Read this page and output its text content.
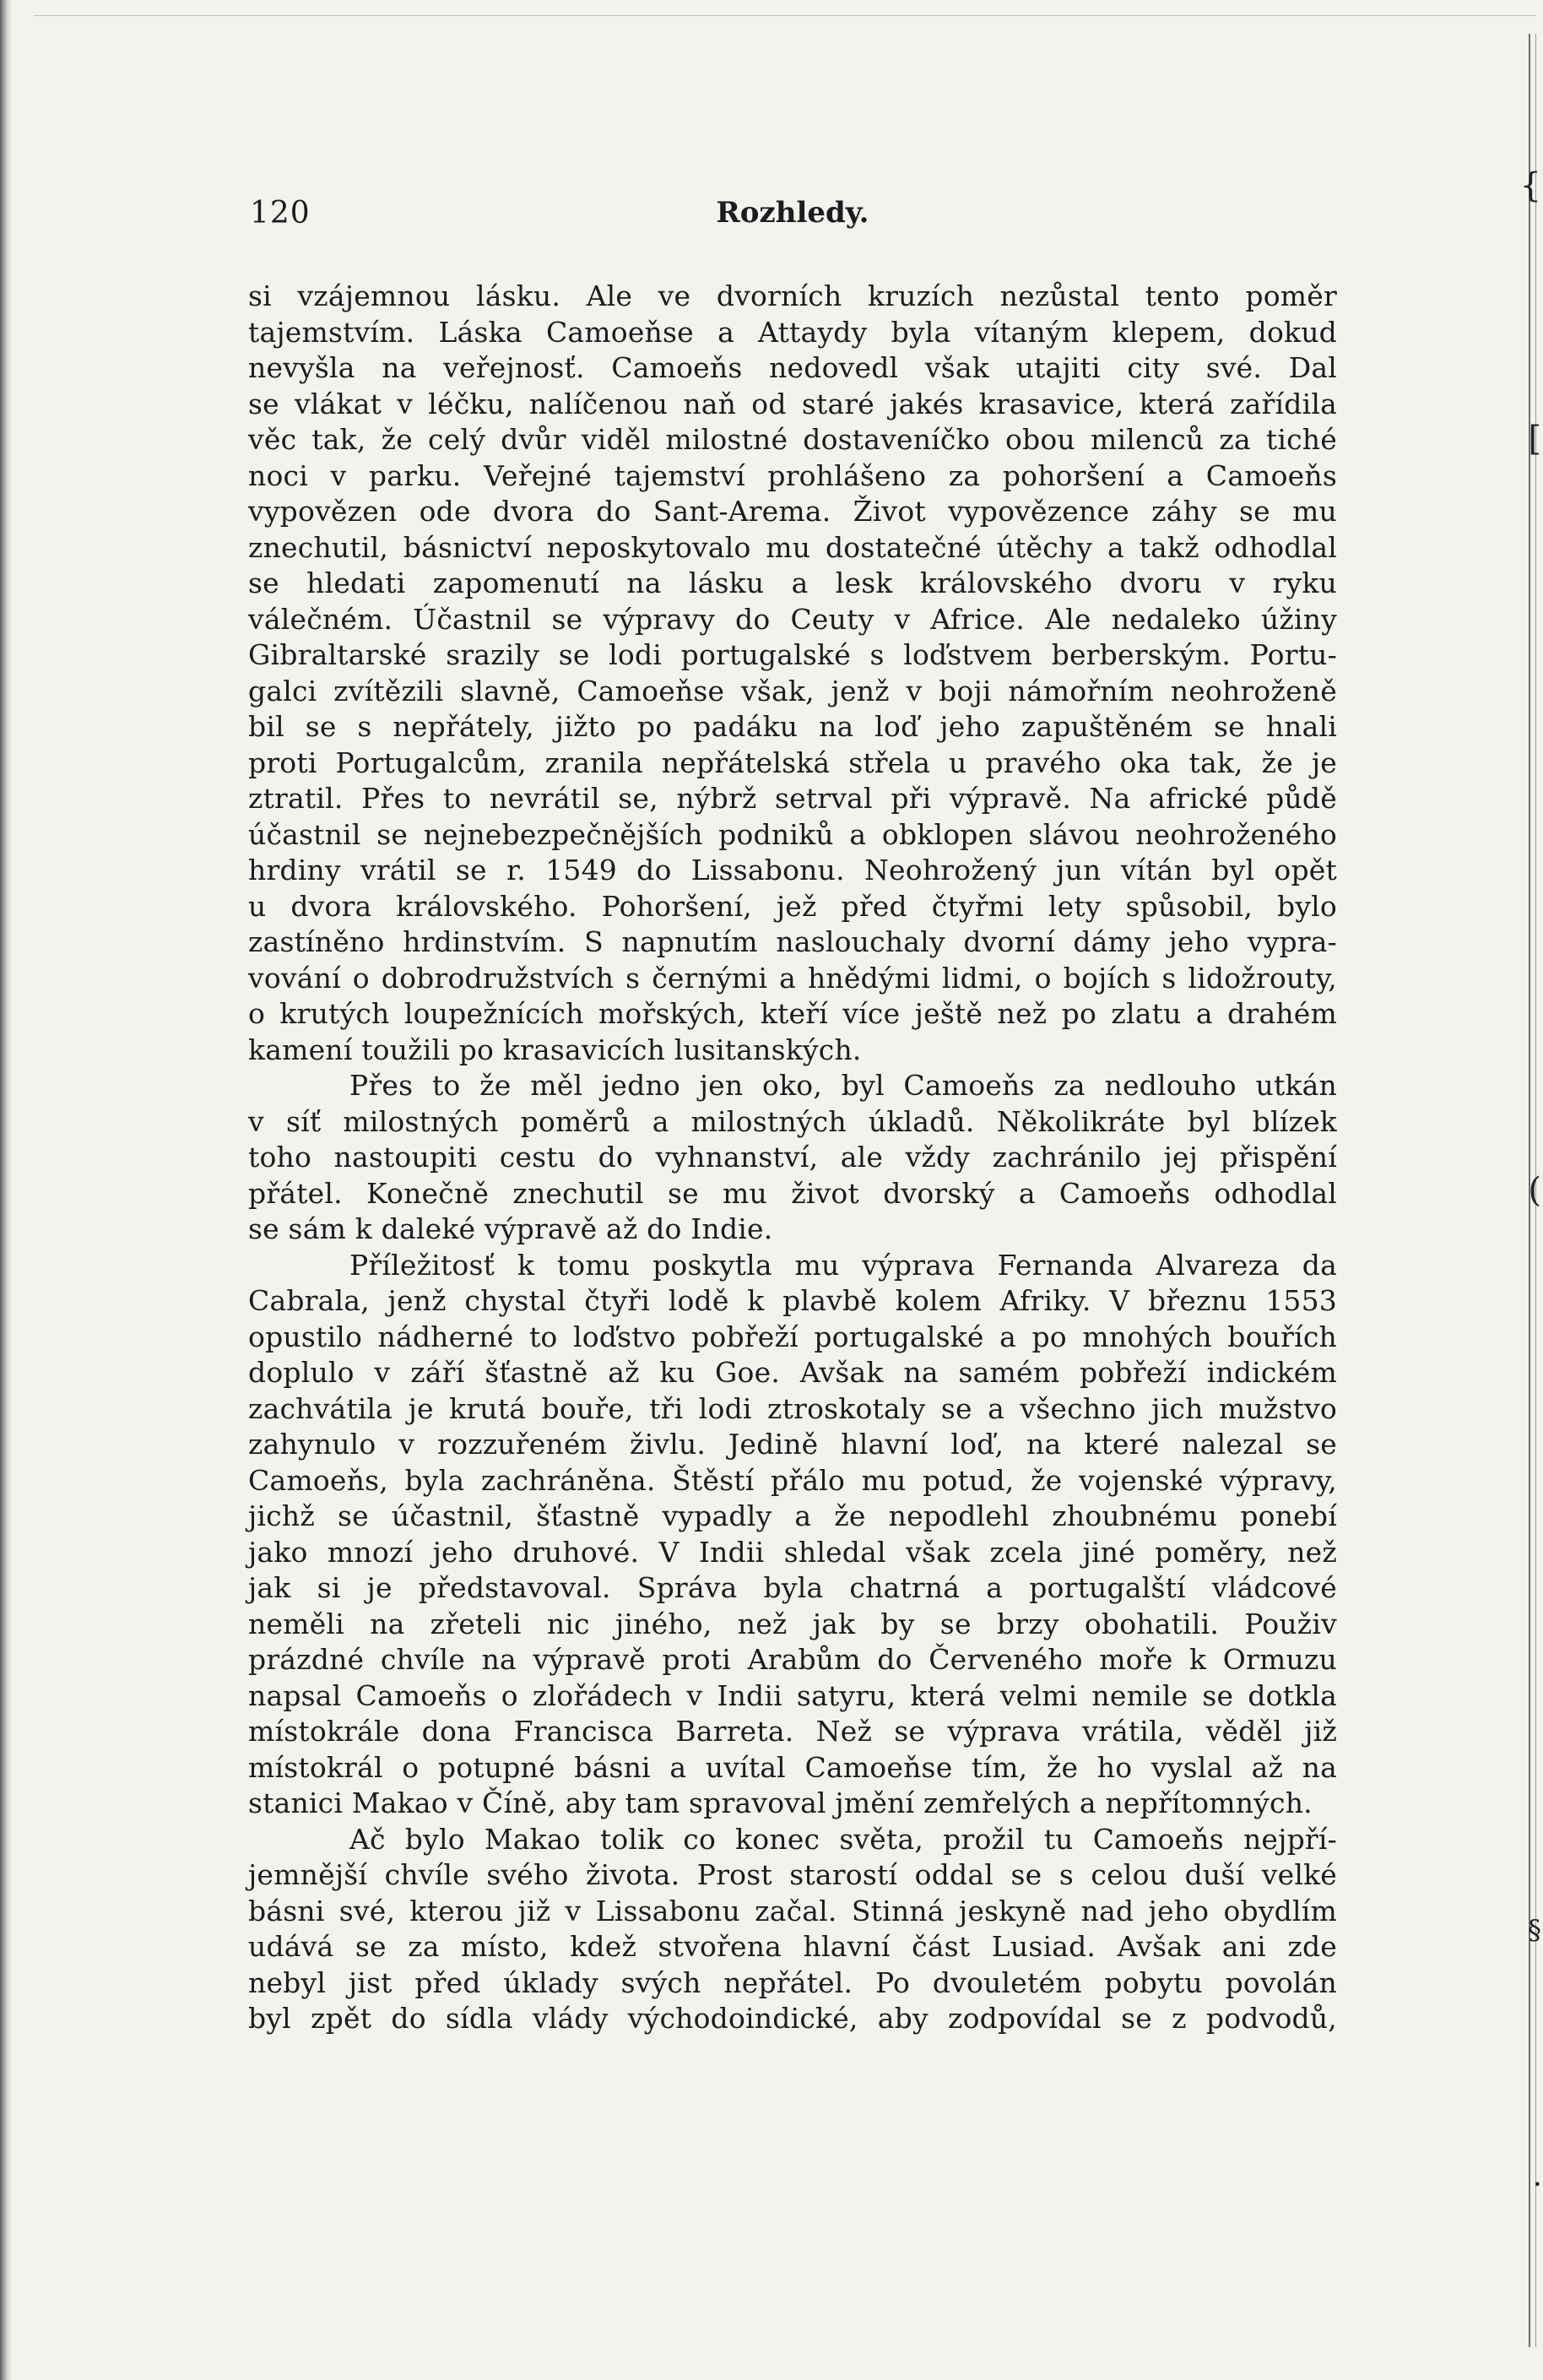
{
[
(
§
•
120	Rozhledy.
si vzájemnou lásku. Ale ve dvorních kruzích nezůstal tento poměr
tajemstvím. Láska Camoeňse a Attaydy byla vítaným klepem, dokud
nevyšla na veřejnosť. Camoeňs nedovedl však utajiti city své. Dal
se vlákat v léčku, nalíčenou naň od staré jakés krasavice, která zařídila
věc tak, že celý dvůr viděl milostné dostaveníčko obou milenců za tiché
noci v parku. Veřejné tajemství prohlášeno za pohoršení a Camoeňs
vypovězen ode dvora do Sant-Arema. Život vypovězence záhy se mu
znechutil, básnictví neposkytovalo mu dostatečné útěchy a takž odhodlal
se hledati zapomenutí na lásku a lesk královského dvoru v ryku
válečném. Účastnil se výpravy do Ceuty v Africe. Ale nedaleko úžiny
Gibraltarské srazily se lodi portugalské s loďstvem berberským. Portu-
galci zvítězili slavně, Camoeňse však, jenž v boji námořním neohroženě
bil se s nepřátely, jižto po padáku na loď jeho zapuštěném se hnali
proti Portugalcům, zranila nepřátelská střela u pravého oka tak, že je
ztratil. Přes to nevrátil se, nýbrž setrval při výpravě. Na africké půdě
účastnil se nejnebezpečnějších podniků a obklopen slávou neohroženého
hrdiny vrátil se r. 1549 do Lissabonu. Neohrožený jun vítán byl opět
u dvora královského. Pohoršení, jež před čtyřmi lety spůsobil, bylo
zastíněno hrdinstvím. S napnutím naslouchaly dvorní dámy jeho vypra-
vování o dobrodružstvích s černými a hnědými lidmi, o bojích s lidožrouty,
o krutých loupežnících mořských, kteří více ještě než po zlatu a drahém
kamení toužili po krasavicích lusitanských.
Přes to že měl jedno jen oko, byl Camoeňs za nedlouho utkán
v síť milostných poměrů a milostných úkladů. Několikráte byl blízek
toho nastoupiti cestu do vyhnanství, ale vždy zachránilo jej přispění
přátel. Konečně znechutil se mu život dvorský a Camoeňs odhodlal
se sám k daleké výpravě až do Indie.
Příležitosť k tomu poskytla mu výprava Fernanda Alvareza da
Cabrala, jenž chystal čtyři lodě k plavbě kolem Afriky. V březnu 1553
opustilo nádherné to loďstvo pobřeží portugalské a po mnohých bouřích
doplulo v září šťastně až ku Goe. Avšak na samém pobřeží indickém
zachvátila je krutá bouře, tři lodi ztroskotaly se a všechno jich mužstvo
zahynulo v rozzuřeném živlu. Jedině hlavní loď, na které nalezal se
Camoeňs, byla zachráněna. Štěstí přálo mu potud, že vojenské výpravy,
jichž se účastnil, šťastně vypadly a že nepodlehl zhoubnému ponebí
jako mnozí jeho druhové. V Indii shledal však zcela jiné poměry, než
jak si je představoval. Správa byla chatrná a portugalští vládcové
neměli na zřeteli nic jiného, než jak by se brzy obohatili. Použiv
prázdné chvíle na výpravě proti Arabům do Červeného moře k Ormuzu
napsal Camoeňs o zlořádech v Indii satyru, která velmi nemile se dotkla
místokrále dona Francisca Barreta. Než se výprava vrátila, věděl již
místokrál o potupné básni a uvítal Camoeňse tím, že ho vyslal až na
stanici Makao v Číně, aby tam spravoval jmění zemřelých a nepřítomných.
Ač bylo Makao tolik co konec světa, prožil tu Camoeňs nejpří-
jemnější chvíle svého života. Prost starostí oddal se s celou duší velké
básni své, kterou již v Lissabonu začal. Stinná jeskyně nad jeho obydlím
udává se za místo, kdež stvořena hlavní část Lusiad. Avšak ani zde
nebyl jist před úklady svých nepřátel. Po dvouletém pobytu povolán
byl zpět do sídla vlády východoindické, aby zodpovídal se z podvodů,
